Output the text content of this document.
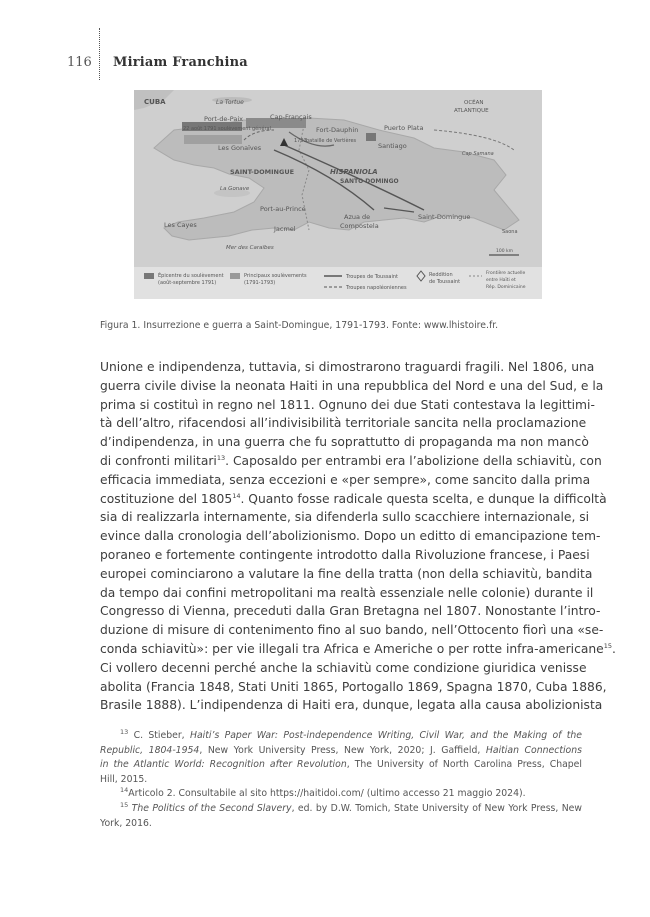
116 Miriam Franchina
CUBA	La Tortue	OCÉAN
ATLANTIQUE
Port-de-Paix	Cap-Français
22 août 1791 soulèvement général	Fort-Dauphin	Puerto Plata
Les Gonaïves
1793 bataille de Vertières
Santiago
Cap Samana
SAINT-DOMINGUE	HISPANIOLA
SANTO DOMINGO
La Gonave
Port-au-Prince
Azua de
Compostela
Saint-Domingue
Les Cayes	Jacmel	Saona
Mer des Caraïbes
100 km
Épicentre du soulèvement
(août-septembre 1791)
Principaux soulèvements
(1791-1793)
Troupes de Toussaint
Troupes napoléoniennes
Reddition
de Toussaint
Frontière actuelle
entre Haïti et
Rép. Dominicaine
Figura 1. Insurrezione e guerra a Saint-Domingue, 1791-1793. Fonte: www.lhistoire.fr.
Unione e indipendenza, tuttavia, si dimostrarono traguardi fragili. Nel 1806, una
guerra civile divise la neonata Haiti in una repubblica del Nord e una del Sud, e la
prima si costituì in regno nel 1811. Ognuno dei due Stati contestava la legittimi-
tà dell’altro, rifacendosi all’indivisibilità territoriale sancita nella proclamazione
d’indipendenza, in una guerra che fu soprattutto di propaganda ma non mancò
di confronti militari$^{13}$. Caposaldo per entrambi era l’abolizione della schiavitù, con
efficacia immediata, senza eccezioni e «per sempre», come sancito dalla prima
costituzione del 1805$^{14}$. Quanto fosse radicale questa scelta, e dunque la difficoltà
sia di realizzarla internamente, sia difenderla sullo scacchiere internazionale, si
evince dalla cronologia dell’abolizionismo. Dopo un editto di emancipazione tem-
poraneo e fortemente contingente introdotto dalla Rivoluzione francese, i Paesi
europei cominciarono a valutare la fine della tratta (non della schiavitù, bandita
da tempo dai confini metropolitani ma realtà essenziale nelle colonie) durante il
Congresso di Vienna, preceduti dalla Gran Bretagna nel 1807. Nonostante l’intro-
duzione di misure di contenimento fino al suo bando, nell’Ottocento fiorì una «se-
conda schiavitù»: per vie illegali tra Africa e Americhe o per rotte infra-americane$^{15}$.
Ci vollero decenni perché anche la schiavitù come condizione giuridica venisse
abolita (Francia 1848, Stati Uniti 1865, Portogallo 1869, Spagna 1870, Cuba 1886,
Brasile 1888). L’indipendenza di Haiti era, dunque, legata alla causa abolizionista
$^{13}$ C. Stieber, Haiti’s Paper War: Post-independence Writing, Civil War, and the Making of the
Republic, 1804-1954, New York University Press, New York, 2020; J. Gaffield, Haitian Connections
in the Atlantic World: Recognition after Revolution, The University of North Carolina Press, Chapel
Hill, 2015.
$^{14}$Articolo 2. Consultabile al sito https://haitidoi.com/ (ultimo accesso 21 maggio 2024).
$^{15}$ The Politics of the Second Slavery, ed. by D.W. Tomich, State University of New York Press, New
York, 2016.
